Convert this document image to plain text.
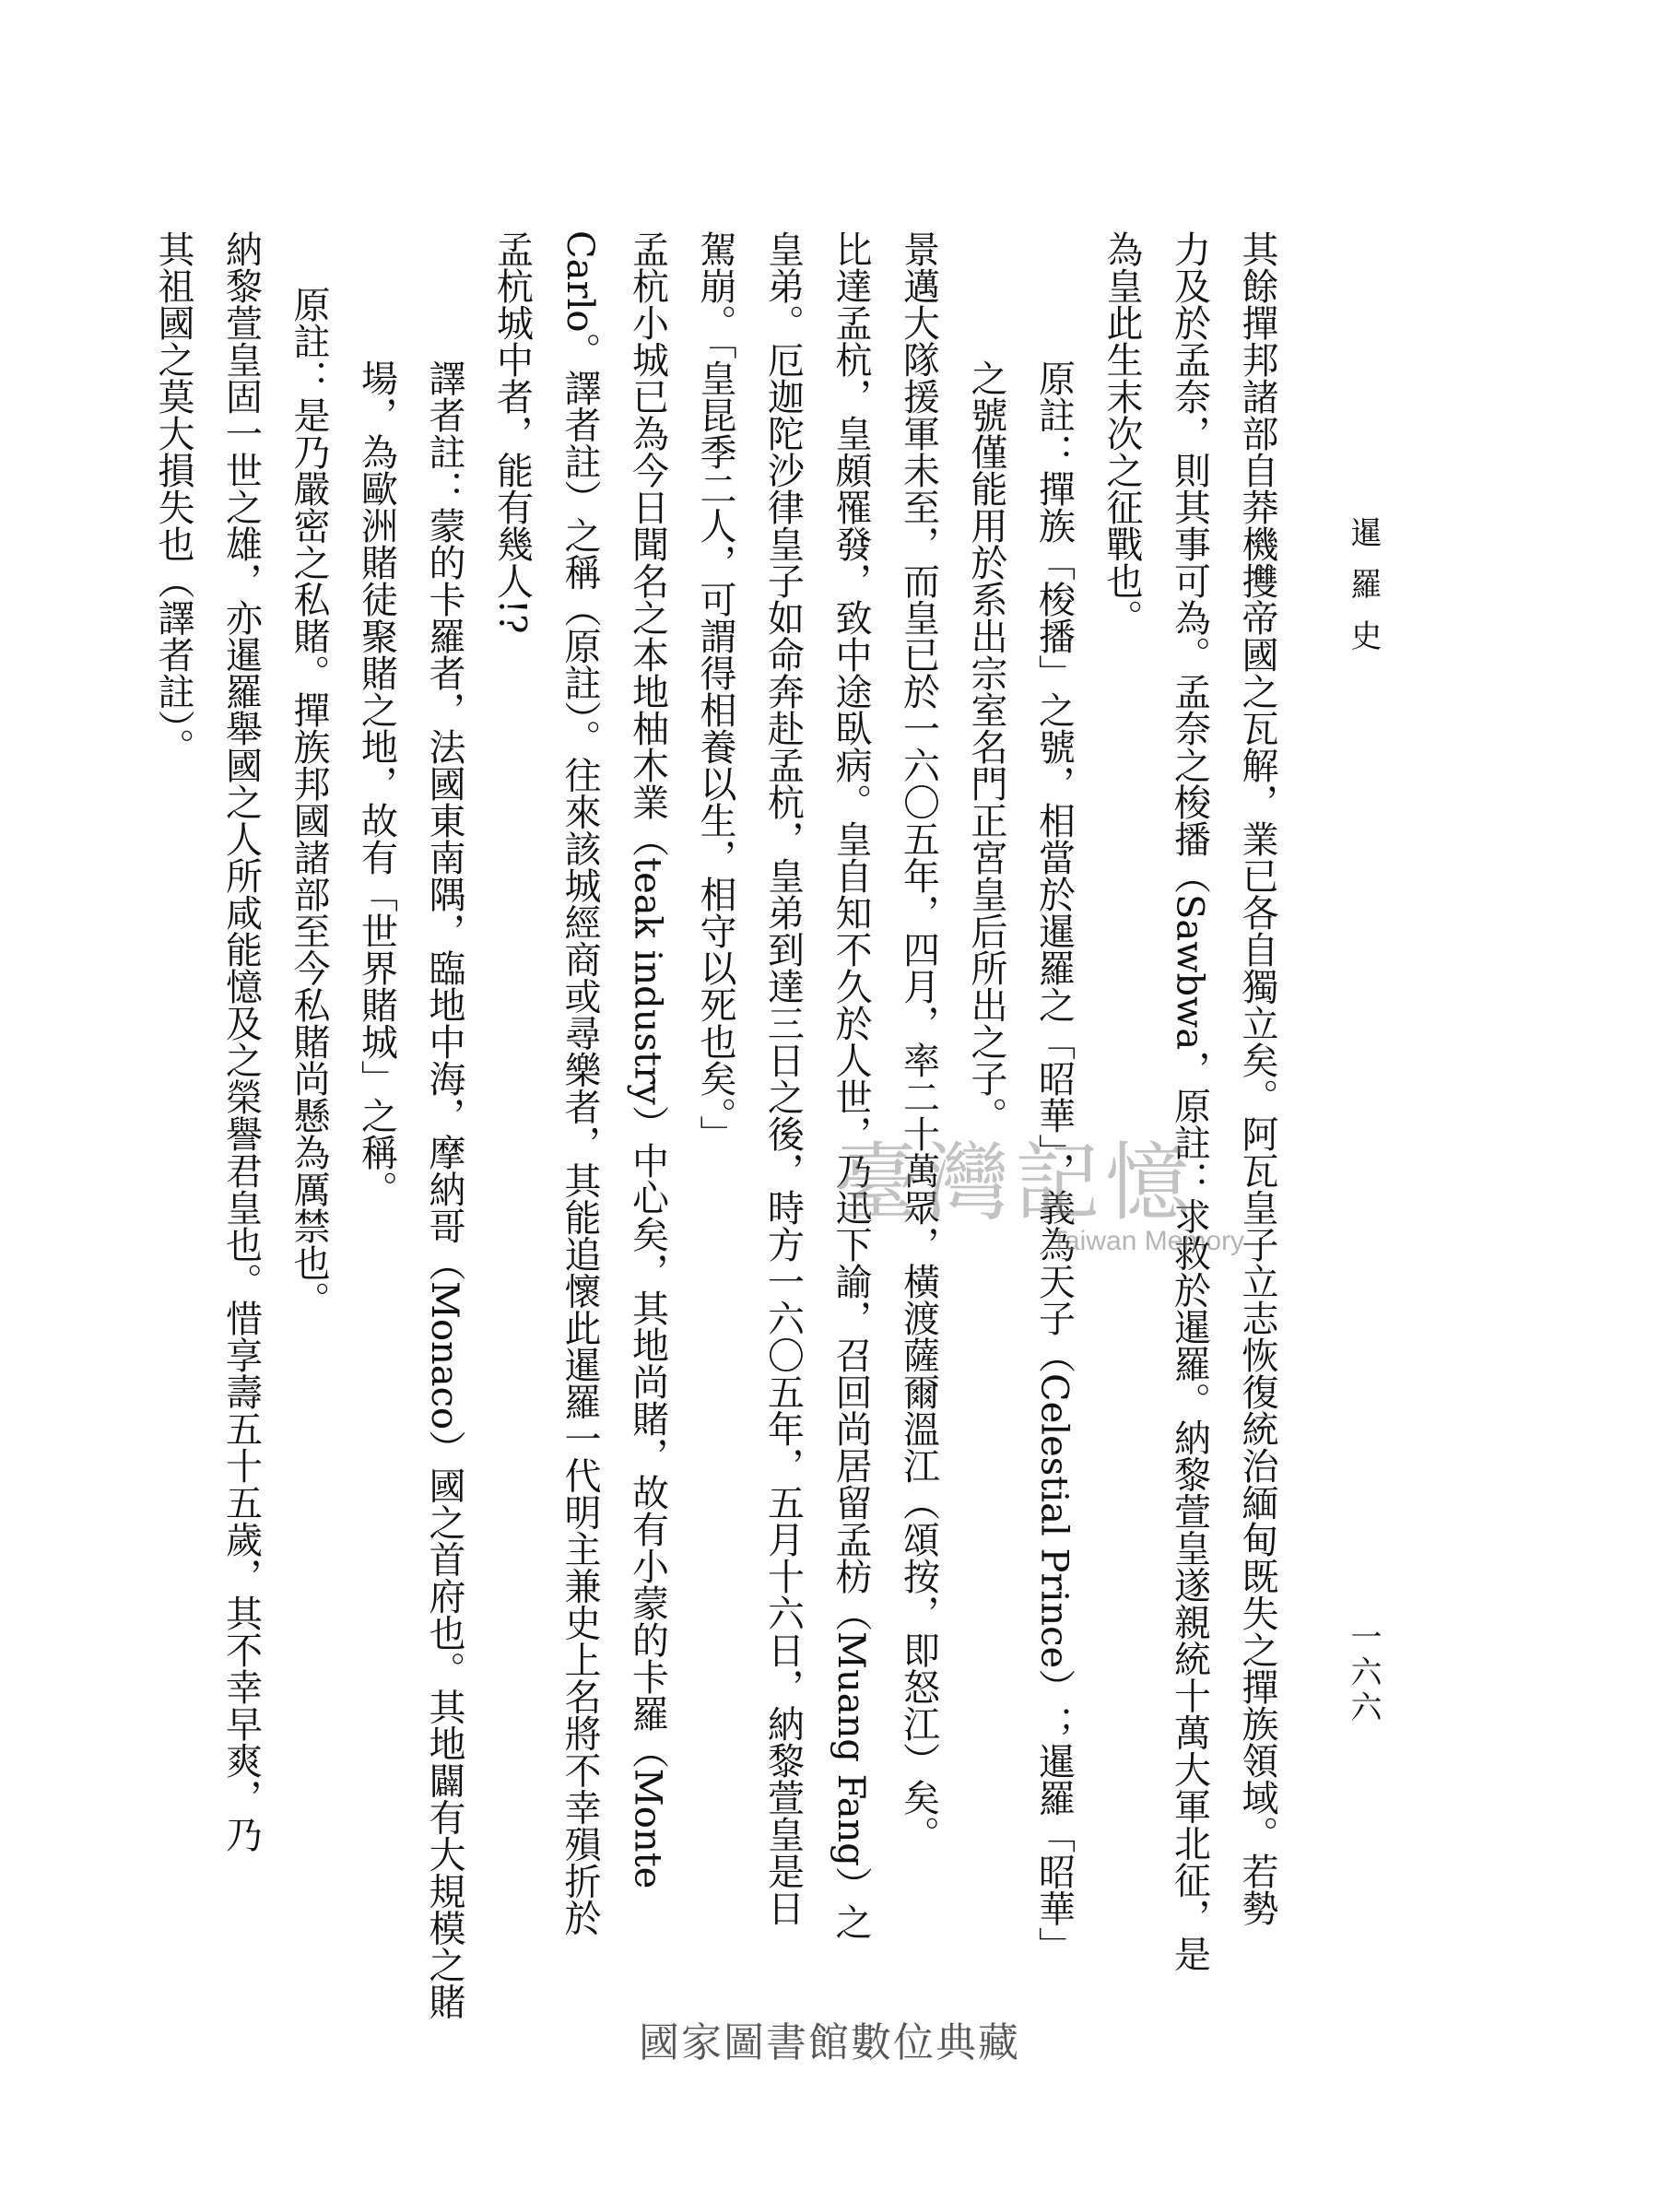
暹羅史
一六六
其餘撣邦諸部自莽機㩳帝國之瓦解，業已各自獨立矣。阿瓦皇子立志恢復統治緬甸既失之撣族領域。若勢
力及於孟奈，則其事可為。孟奈之梭播（Sawbwa，原註：求救於暹羅。納黎萱皇遂親統十萬大軍北征，是
為皇此生末次之征戰也。
原註：撣族「梭播」之號，相當於暹羅之「昭華」，義為天子（Celestial Prince）；暹羅「昭華」
之號僅能用於系出宗室名門正宮皇后所出之子。
景邁大隊援軍未至，而皇已於一六〇五年，四月，率二十萬眾，橫渡薩爾溫江（頌按，即怒江）矣。
比達孟杭，皇頗罹發，致中途臥病。皇自知不久於人世，乃迅下諭，召回尚居留孟枋（Muang Fang）之
皇弟。厄迦陀沙律皇子如命奔赴孟杭，皇弟到達三日之後，時方一六〇五年，五月十六日，納黎萱皇是日
駕崩。「皇昆季二人，可謂得相養以生，相守以死也矣。」
孟杭小城已為今日聞名之本地柚木業（teak industry）中心矣，其地尚賭，故有小蒙的卡羅（Monte
Carlo。譯者註）之稱（原註）。往來該城經商或尋樂者，其能追懷此暹羅一代明主兼史上名將不幸殞折於
孟杭城中者，能有幾人!?
譯者註：蒙的卡羅者，法國東南隅，臨地中海，摩納哥（Monaco）國之首府也。其地闢有大規模之賭
場，為歐洲賭徒聚賭之地，故有「世界賭城」之稱。
原註：是乃嚴密之私賭。撣族邦國諸部至今私賭尚懸為厲禁也。
納黎萱皇固一世之雄，亦暹羅舉國之人所咸能憶及之榮譽君皇也。惜享壽五十五歲，其不幸早爽，乃
其祖國之莫大損失也（譯者註）。
臺灣記憶
Taiwan Memory
國家圖書館數位典藏
